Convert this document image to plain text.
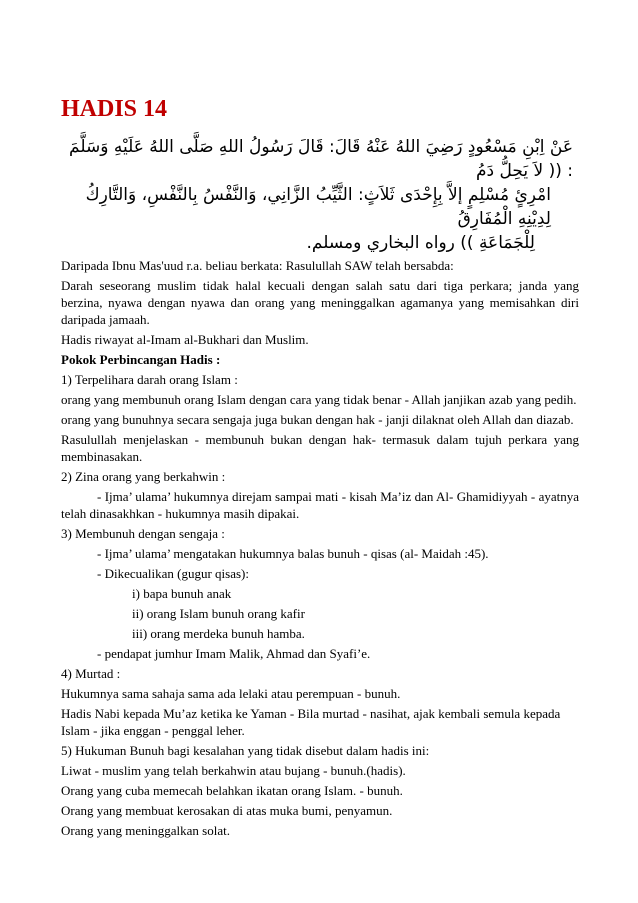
HADIS 14
عَنْ اِبْنِ مَسْعُودٍ رَضِيَ اللهُ عَنْهُ قَالَ: قَالَ رَسُولُ اللهِ صَلَّى اللهُ عَلَيْهِ وَسَلَّمَ : (( لاَ يَحِلُّ دَمُ
امْرِئٍ مُسْلِمٍ إلاَّ بِإِحْدَى ثَلاَثٍ: الثَّيِّبُ الزَّانِي، وَالنَّفْسُ بِالنَّفْسِ، وَالتَّارِكُ لِدِيْنِهِ الْمُفَارِقُ
لِلْجَمَاعَةِ )) رواه البخاري ومسلم.

Daripada Ibnu Mas'uud r.a. beliau berkata: Rasulullah SAW telah bersabda:

Darah seseorang muslim tidak halal kecuali dengan salah satu dari tiga perkara; janda yang berzina, nyawa dengan nyawa dan orang yang meninggalkan agamanya yang memisahkan diri daripada jamaah.

Hadis riwayat al-Imam al-Bukhari dan Muslim.

Pokok Perbincangan Hadis :

1) Terpelihara darah orang Islam :

orang yang membunuh orang Islam dengan cara yang tidak benar - Allah janjikan azab yang pedih.

orang yang bunuhnya secara sengaja juga bukan dengan hak - janji dilaknat oleh Allah dan diazab.

Rasulullah menjelaskan - membunuh bukan dengan hak- termasuk dalam tujuh perkara yang membinasakan.

2) Zina orang yang berkahwin :

- Ijma’ ulama’ hukumnya direjam sampai mati - kisah Ma’iz dan Al- Ghamidiyyah - ayatnya telah dinasakhkan - hukumnya masih dipakai.

3) Membunuh dengan sengaja :

- Ijma’ ulama’ mengatakan hukumnya balas bunuh - qisas (al- Maidah :45).

- Dikecualikan (gugur qisas):

i) bapa bunuh anak

ii) orang Islam bunuh orang kafir

iii) orang merdeka bunuh hamba.

- pendapat jumhur Imam Malik, Ahmad dan Syafi’e.

4) Murtad :

Hukumnya sama sahaja sama ada lelaki atau perempuan - bunuh.

Hadis Nabi kepada Mu’az ketika ke Yaman - Bila murtad - nasihat, ajak kembali semula kepada Islam - jika enggan - penggal leher.

5) Hukuman Bunuh bagi kesalahan yang tidak disebut dalam hadis ini:

Liwat - muslim yang telah berkahwin atau bujang - bunuh.(hadis).

Orang yang cuba memecah belahkan ikatan orang Islam. - bunuh.

Orang yang membuat kerosakan di atas muka bumi, penyamun.

Orang yang meninggalkan solat.
